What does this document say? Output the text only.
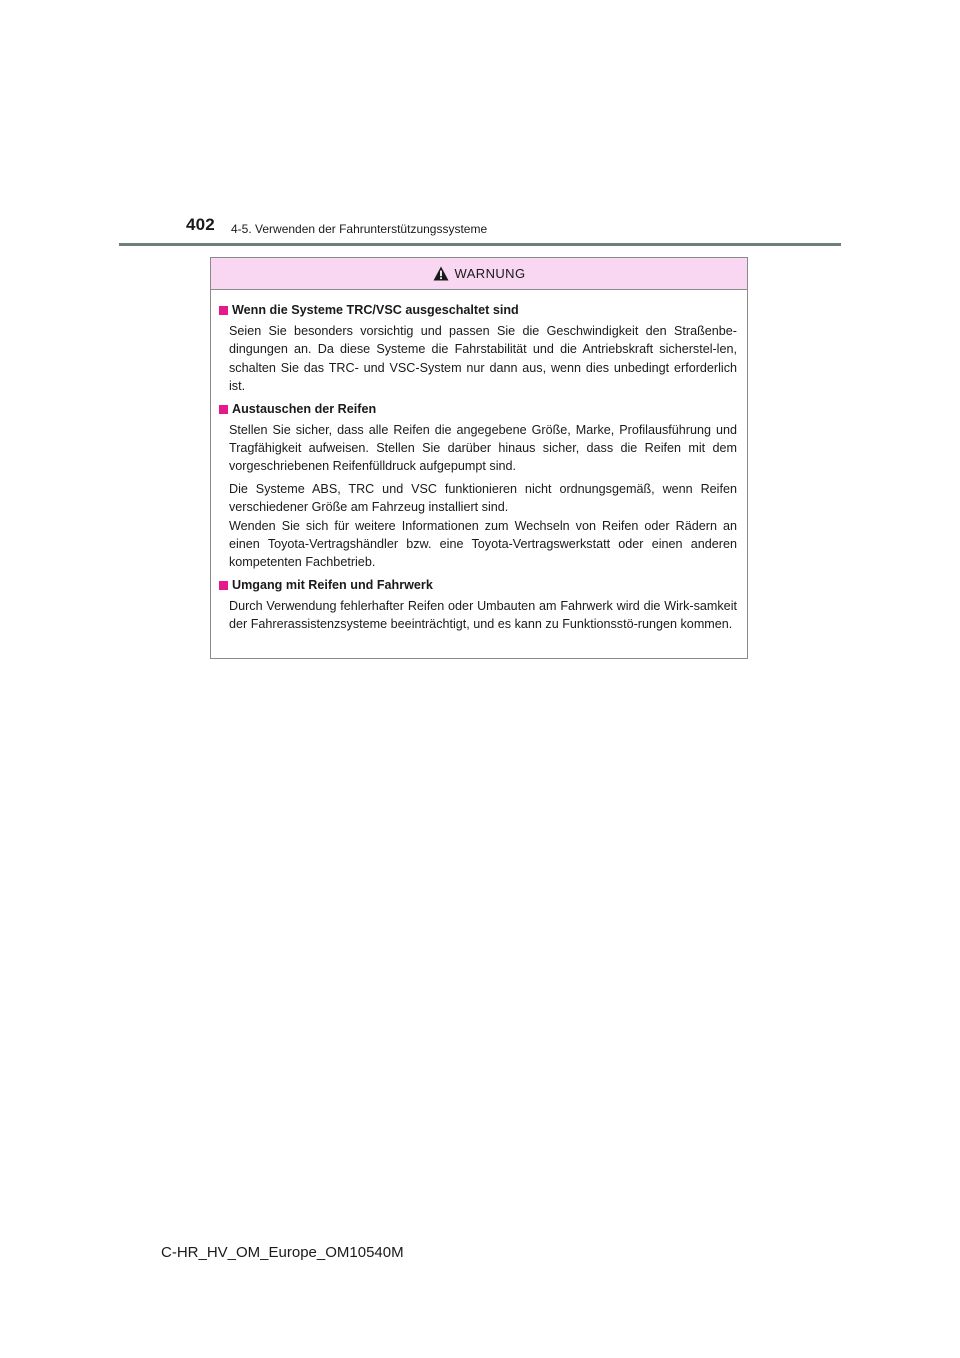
402 4-5. Verwenden der Fahrunterstützungssysteme
WARNUNG
Wenn die Systeme TRC/VSC ausgeschaltet sind

Seien Sie besonders vorsichtig und passen Sie die Geschwindigkeit den Straßenbe-dingungen an. Da diese Systeme die Fahrstabilität und die Antriebskraft sicherstel-len, schalten Sie das TRC- und VSC-System nur dann aus, wenn dies unbedingt erforderlich ist.

Austauschen der Reifen

Stellen Sie sicher, dass alle Reifen die angegebene Größe, Marke, Profilausführung und Tragfähigkeit aufweisen. Stellen Sie darüber hinaus sicher, dass die Reifen mit dem vorgeschriebenen Reifenfülldruck aufgepumpt sind.

Die Systeme ABS, TRC und VSC funktionieren nicht ordnungsgemäß, wenn Reifen verschiedener Größe am Fahrzeug installiert sind.
Wenden Sie sich für weitere Informationen zum Wechseln von Reifen oder Rädern an einen Toyota-Vertragshändler bzw. eine Toyota-Vertragswerkstatt oder einen anderen kompetenten Fachbetrieb.

Umgang mit Reifen und Fahrwerk

Durch Verwendung fehlerhafter Reifen oder Umbauten am Fahrwerk wird die Wirk-samkeit der Fahrerassistenzsysteme beeinträchtigt, und es kann zu Funktionsstö-rungen kommen.

C-HR_HV_OM_Europe_OM10540M
